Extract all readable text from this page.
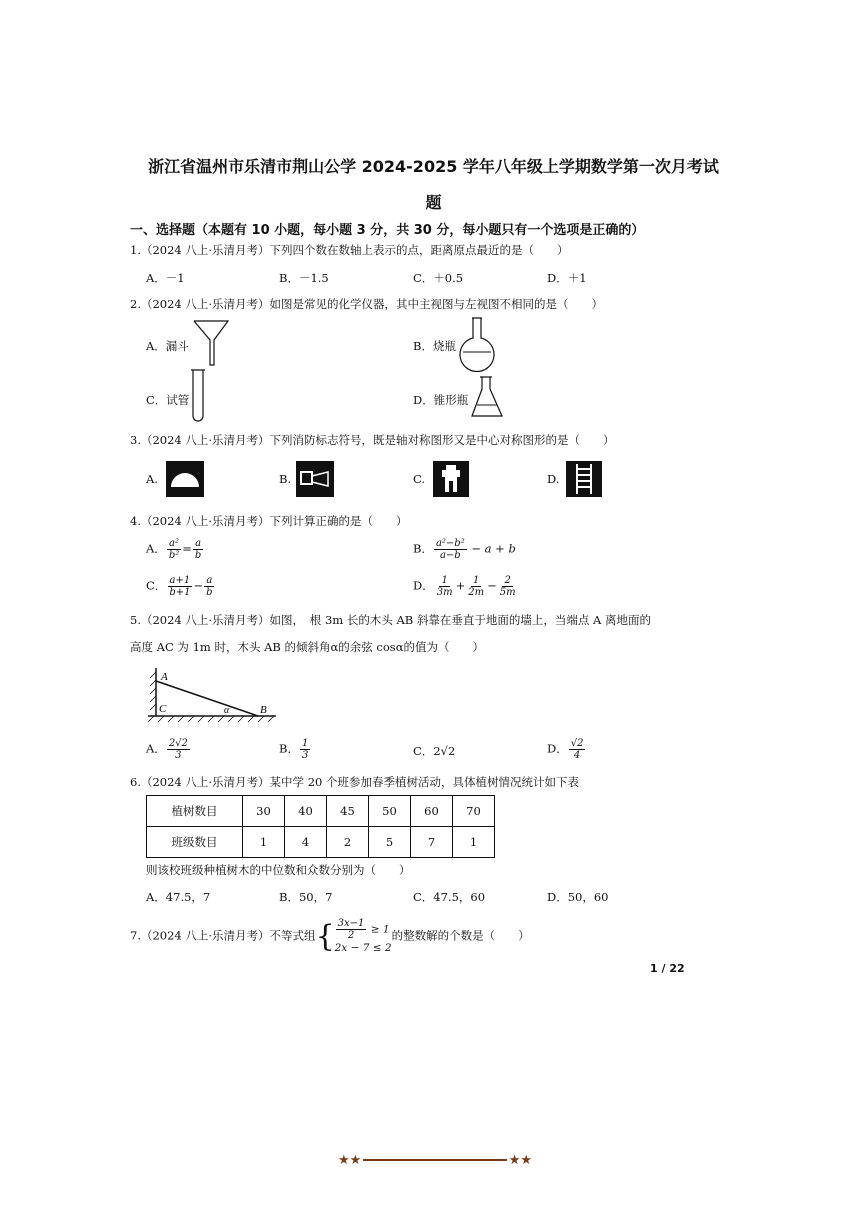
浙江省温州市乐清市荆山公学 2024-2025 学年八年级上学期数学第一次月考试
题
一、选择题（本题有 10 小题，每小题 3 分，共 30 分，每小题只有一个选项是正确的）
1.（2024 八上·乐清月考）下列四个数在数轴上表示的点，距离原点最近的是（　　）
A．－1	B．－1.5	C．＋0.5	D．＋1
2.（2024 八上·乐清月考）如图是常见的化学仪器，其中主视图与左视图不相同的是（　　）
A．漏斗	B．烧瓶
C．试管	D．锥形瓶
3.（2024 八上·乐清月考）下列消防标志符号，既是轴对称图形又是中心对称图形的是（　　）
A.	B.	C.	D.
4.（2024 八上·乐清月考）下列计算正确的是（　　）
A． $\frac{\text{a²}}{\text{b²}} = \frac{a}{b}$	B． $\frac{\text{a²−b²}}{a-b} - a + b$
C． $\frac{a+1}{b+1} - \frac{a}{b}$	D． $\frac{1}{3m} + \frac{1}{2m} - \frac{2}{5m}$
5.（2024 八上·乐清月考）如图，　根 3m 长的木头 AB 斜靠在垂直于地面的墙上，当端点 A 离地面的
高度 AC 为 1m 时，木头 AB 的倾斜角α的余弦 cosα的值为（　　）
A
C	α	B
A． $\frac{2√2}{3}$	B． $\frac{1}{3}$	C．2√2	D． $\frac{√2}{4}$
6.（2024 八上·乐清月考）某中学 20 个班参加春季植树活动，具体植树情况统计如下表
植树数目	30	40	45	50	60	70
班级数目	1	4	2	5	7	1
则该校班级种植树木的中位数和众数分别为（　　）
A．47.5，7	B．50，7	C．47.5，60	D．50，60
7.（2024 八上·乐清月考）不等式组{ $\frac{3x-1}{2} \ge 1$
2x − 7 ≤ 2
的整数解的个数是（　　）
1 / 22
★★	★★
